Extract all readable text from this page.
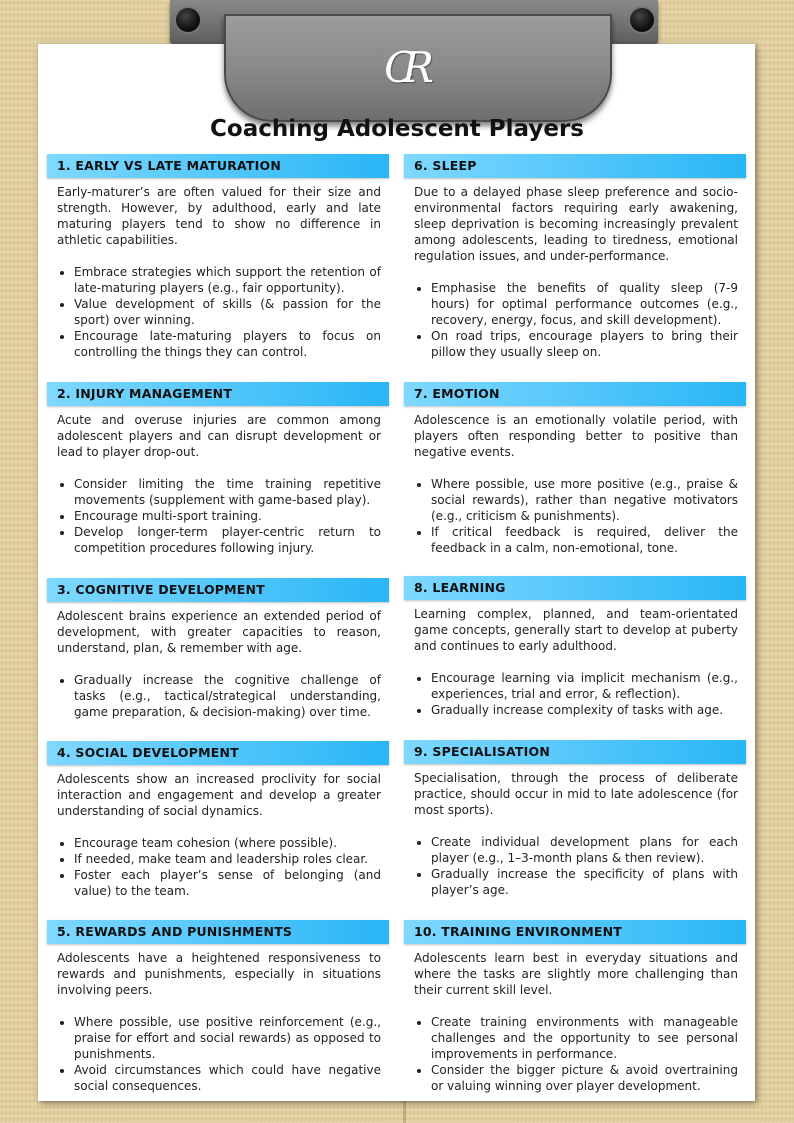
CR
Coaching Adolescent Players
1. EARLY VS LATE MATURATION

Early-maturer’s are often valued for their size and strength. However, by adulthood, early and late maturing players tend to show no difference in athletic capabilities.

• Embrace strategies which support the retention of late-maturing players (e.g., fair opportunity).
• Value development of skills (& passion for the sport) over winning.
• Encourage late-maturing players to focus on controlling the things they can control.
2. INJURY MANAGEMENT

Acute and overuse injuries are common among adolescent players and can disrupt development or lead to player drop-out.

• Consider limiting the time training repetitive movements (supplement with game-based play).
• Encourage multi-sport training.
• Develop longer-term player-centric return to competition procedures following injury.
3. COGNITIVE DEVELOPMENT

Adolescent brains experience an extended period of development, with greater capacities to reason, understand, plan, & remember with age.

• Gradually increase the cognitive challenge of tasks (e.g., tactical/strategical understanding, game preparation, & decision-making) over time.
4. SOCIAL DEVELOPMENT

Adolescents show an increased proclivity for social interaction and engagement and develop a greater understanding of social dynamics.

• Encourage team cohesion (where possible).
• If needed, make team and leadership roles clear.
• Foster each player’s sense of belonging (and value) to the team.
5. REWARDS AND PUNISHMENTS

Adolescents have a heightened responsiveness to rewards and punishments, especially in situations involving peers.

• Where possible, use positive reinforcement (e.g., praise for effort and social rewards) as opposed to punishments.
• Avoid circumstances which could have negative social consequences.
6. SLEEP

Due to a delayed phase sleep preference and socio-environmental factors requiring early awakening, sleep deprivation is becoming increasingly prevalent among adolescents, leading to tiredness, emotional regulation issues, and under-performance.

• Emphasise the benefits of quality sleep (7-9 hours) for optimal performance outcomes (e.g., recovery, energy, focus, and skill development).
• On road trips, encourage players to bring their pillow they usually sleep on.
7. EMOTION

Adolescence is an emotionally volatile period, with players often responding better to positive than negative events.

• Where possible, use more positive (e.g., praise & social rewards), rather than negative motivators (e.g., criticism & punishments).
• If critical feedback is required, deliver the feedback in a calm, non-emotional, tone.
8. LEARNING

Learning complex, planned, and team-orientated game concepts, generally start to develop at puberty and continues to early adulthood.

• Encourage learning via implicit mechanism (e.g., experiences, trial and error, & reflection).
• Gradually increase complexity of tasks with age.
9. SPECIALISATION

Specialisation, through the process of deliberate practice, should occur in mid to late adolescence (for most sports).

• Create individual development plans for each player (e.g., 1–3-month plans & then review).
• Gradually increase the specificity of plans with player’s age.
10. TRAINING ENVIRONMENT

Adolescents learn best in everyday situations and where the tasks are slightly more challenging than their current skill level.

• Create training environments with manageable challenges and the opportunity to see personal improvements in performance.
• Consider the bigger picture & avoid overtraining or valuing winning over player development.
